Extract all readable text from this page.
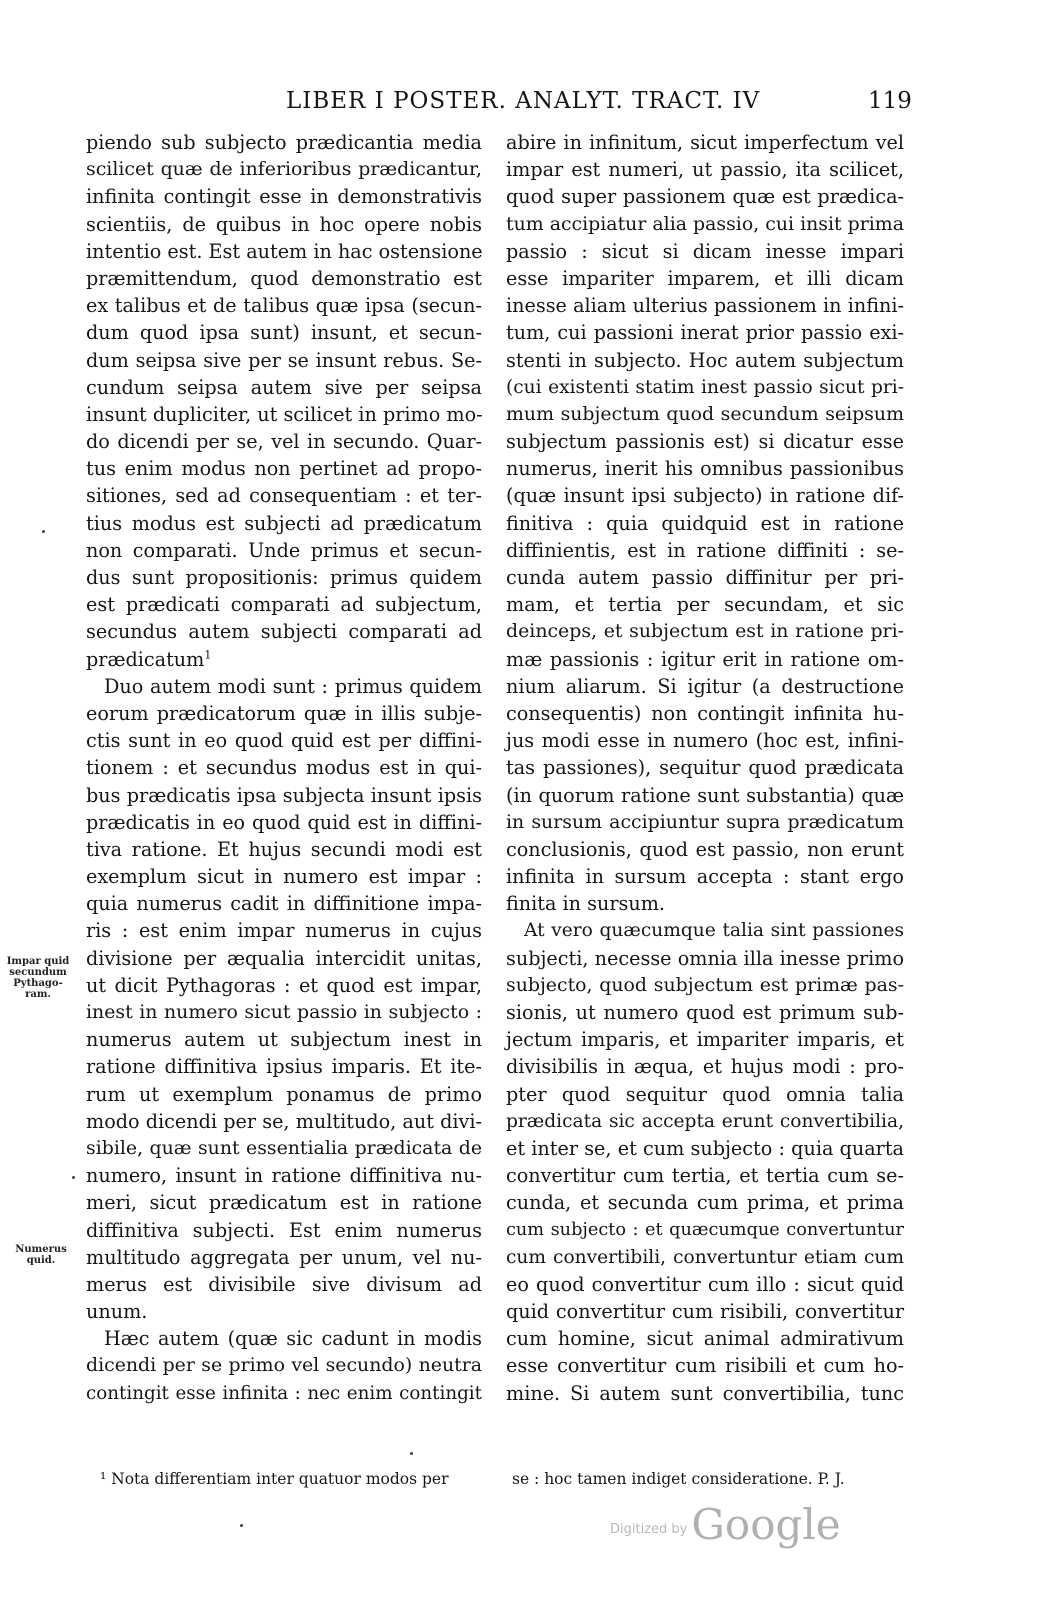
LIBER I POSTER. ANALYT. TRACT. IV	119
piendo sub subjecto prædicantia media
scilicet quæ de inferioribus prædicantur,
infinita contingit esse in demonstrativis
scientiis, de quibus in hoc opere nobis
intentio est. Est autem in hac ostensione
præmittendum, quod demonstratio est
ex talibus et de talibus quæ ipsa (secun-
dum quod ipsa sunt) insunt, et secun-
dum seipsa sive per se insunt rebus. Se-
cundum seipsa autem sive per seipsa
insunt dupliciter, ut scilicet in primo mo-
do dicendi per se, vel in secundo. Quar-
tus enim modus non pertinet ad propo-
sitiones, sed ad consequentiam : et ter-
tius modus est subjecti ad prædicatum
non comparati. Unde primus et secun-
dus sunt propositionis: primus quidem
est prædicati comparati ad subjectum,
secundus autem subjecti comparati ad
prædicatum$^1$
Duo autem modi sunt : primus quidem
eorum prædicatorum quæ in illis subje-
ctis sunt in eo quod quid est per diffini-
tionem : et secundus modus est in qui-
bus prædicatis ipsa subjecta insunt ipsis
prædicatis in eo quod quid est in diffini-
tiva ratione. Et hujus secundi modi est
exemplum sicut in numero est impar :
quia numerus cadit in diffinitione impa-
ris : est enim impar numerus in cujus
divisione per æqualia intercidit unitas,
ut dicit Pythagoras : et quod est impar,
inest in numero sicut passio in subjecto :
numerus autem ut subjectum inest in
ratione diffinitiva ipsius imparis. Et ite-
rum ut exemplum ponamus de primo
modo dicendi per se, multitudo, aut divi-
sibile, quæ sunt essentialia prædicata de
numero, insunt in ratione diffinitiva nu-
meri, sicut prædicatum est in ratione
diffinitiva subjecti. Est enim numerus
multitudo aggregata per unum, vel nu-
merus est divisibile sive divisum ad
unum.
Hæc autem (quæ sic cadunt in modis
dicendi per se primo vel secundo) neutra
contingit esse infinita : nec enim contingit
abire in infinitum, sicut imperfectum vel
impar est numeri, ut passio, ita scilicet,
quod super passionem quæ est prædica-
tum accipiatur alia passio, cui insit prima
passio : sicut si dicam inesse impari
esse impariter imparem, et illi dicam
inesse aliam ulterius passionem in infini-
tum, cui passioni inerat prior passio exi-
stenti in subjecto. Hoc autem subjectum
(cui existenti statim inest passio sicut pri-
mum subjectum quod secundum seipsum
subjectum passionis est) si dicatur esse
numerus, inerit his omnibus passionibus
(quæ insunt ipsi subjecto) in ratione dif-
finitiva : quia quidquid est in ratione
diffinientis, est in ratione diffiniti : se-
cunda autem passio diffinitur per pri-
mam, et tertia per secundam, et sic
deinceps, et subjectum est in ratione pri-
mæ passionis : igitur erit in ratione om-
nium aliarum. Si igitur (a destructione
consequentis) non contingit infinita hu-
jus modi esse in numero (hoc est, infini-
tas passiones), sequitur quod prædicata
(in quorum ratione sunt substantia) quæ
in sursum accipiuntur supra prædicatum
conclusionis, quod est passio, non erunt
infinita in sursum accepta : stant ergo
finita in sursum.
At vero quæcumque talia sint passiones
subjecti, necesse omnia illa inesse primo
subjecto, quod subjectum est primæ pas-
sionis, ut numero quod est primum sub-
jectum imparis, et impariter imparis, et
divisibilis in æqua, et hujus modi : pro-
pter quod sequitur quod omnia talia
prædicata sic accepta erunt convertibilia,
et inter se, et cum subjecto : quia quarta
convertitur cum tertia, et tertia cum se-
cunda, et secunda cum prima, et prima
cum subjecto : et quæcumque convertuntur
cum convertibili, convertuntur etiam cum
eo quod convertitur cum illo : sicut quid
quid convertitur cum risibili, convertitur
cum homine, sicut animal admirativum
esse convertitur cum risibili et cum ho-
mine. Si autem sunt convertibilia, tunc
Impar quid
secundum
Pythago-
ram.
Numerus
quid.
¹ Nota differentiam inter quatuor modos per	se : hoc tamen indiget consideratione. P. J.
$^{Digitized by}$Google
